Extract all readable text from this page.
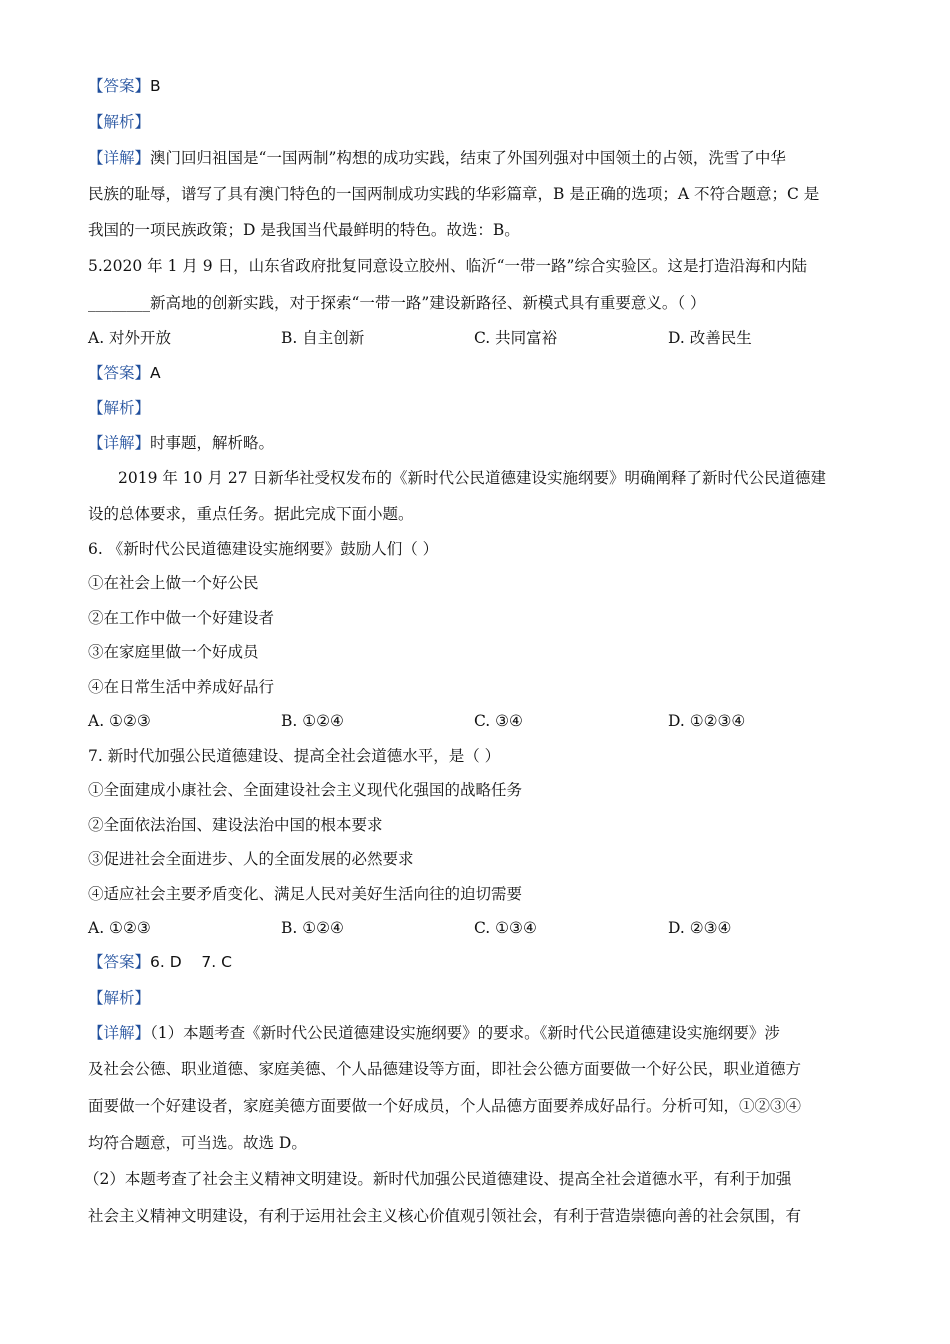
【答案】B
【解析】
【详解】澳门回归祖国是“一国两制”构想的成功实践，结束了外国列强对中国领土的占领，洗雪了中华
民族的耻辱，谱写了具有澳门特色的一国两制成功实践的华彩篇章，B 是正确的选项；A 不符合题意；C 是
我国的一项民族政策；D 是我国当代最鲜明的特色。故选：B。
5.2020 年 1 月 9 日，山东省政府批复同意设立胶州、临沂“一带一路”综合实验区。这是打造沿海和内陆
________新高地的创新实践，对于探索“一带一路”建设新路径、新模式具有重要意义。（ ）
A. 对外开放	B. 自主创新	C. 共同富裕	D. 改善民生
【答案】A
【解析】
【详解】时事题，解析略。
2019 年 10 月 27 日新华社受权发布的《新时代公民道德建设实施纲要》明确阐释了新时代公民道德建
设的总体要求，重点任务。据此完成下面小题。
6. 《新时代公民道德建设实施纲要》鼓励人们（ ）
①在社会上做一个好公民
②在工作中做一个好建设者
③在家庭里做一个好成员
④在日常生活中养成好品行
A. ①②③	B. ①②④	C. ③④	D. ①②③④
7. 新时代加强公民道德建设、提高全社会道德水平，是（ ）
①全面建成小康社会、全面建设社会主义现代化强国的战略任务
②全面依法治国、建设法治中国的根本要求
③促进社会全面进步、人的全面发展的必然要求
④适应社会主要矛盾变化、满足人民对美好生活向往的迫切需要
A. ①②③	B. ①②④	C. ①③④	D. ②③④
【答案】6. D    7. C
【解析】
【详解】（1）本题考查《新时代公民道德建设实施纲要》的要求。《新时代公民道德建设实施纲要》涉
及社会公德、职业道德、家庭美德、个人品德建设等方面，即社会公德方面要做一个好公民，职业道德方
面要做一个好建设者，家庭美德方面要做一个好成员，个人品德方面要养成好品行。分析可知，①②③④
均符合题意，可当选。故选 D。
（2）本题考查了社会主义精神文明建设。新时代加强公民道德建设、提高全社会道德水平，有利于加强
社会主义精神文明建设，有利于运用社会主义核心价值观引领社会，有利于营造崇德向善的社会氛围，有
